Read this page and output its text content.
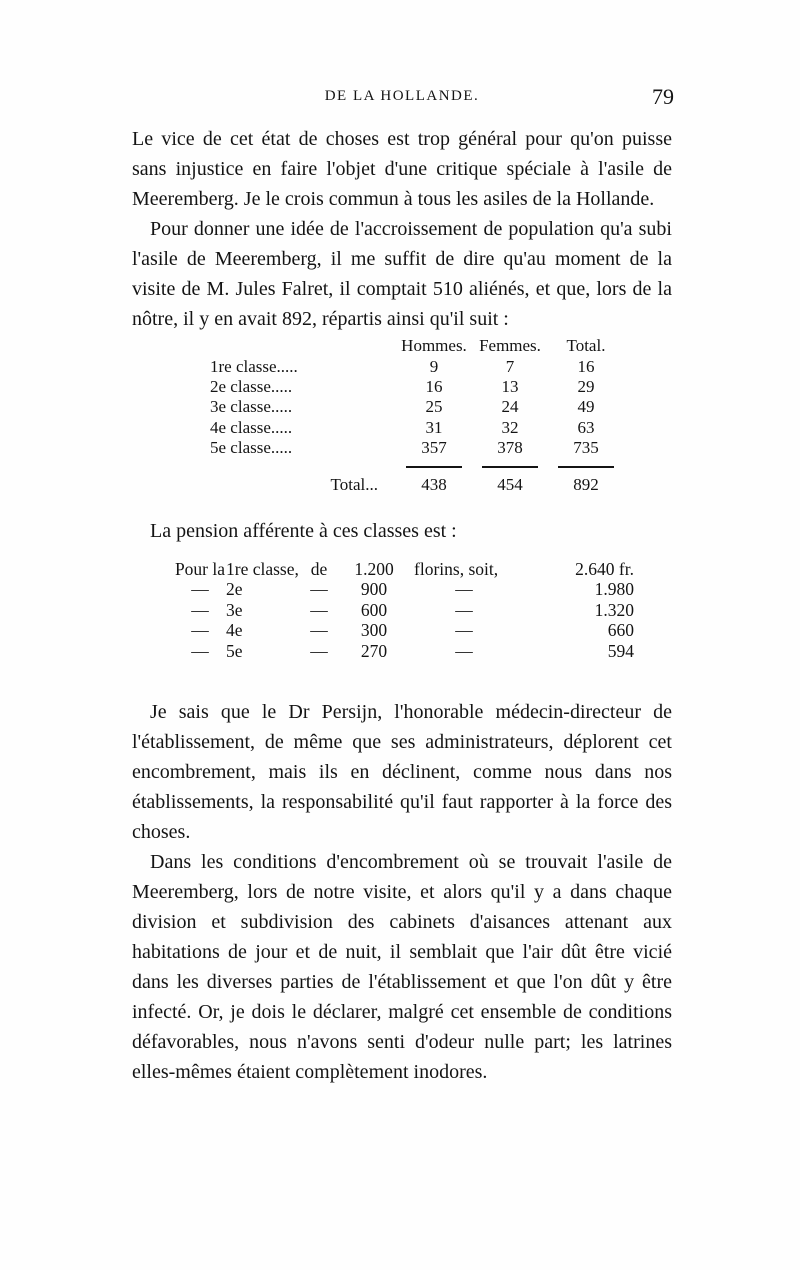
DE LA HOLLANDE.	79

Le vice de cet état de choses est trop général pour qu'on puisse sans injustice en faire l'objet d'une critique spéciale à l'asile de Meeremberg. Je le crois commun à tous les asiles de la Hollande.

Pour donner une idée de l'accroissement de population qu'a subi l'asile de Meeremberg, il me suffit de dire qu'au moment de la visite de M. Jules Falret, il comptait 510 aliénés, et que, lors de la nôtre, il y en avait 892, répartis ainsi qu'il suit :

	Hommes.	Femmes.	Total.
1re classe.....	9	7	16
2e classe.....	16	13	29
3e classe.....	25	24	49
4e classe.....	31	32	63
5e classe.....	357	378	735

Total...	438	454	892
La pension afférente à ces classes est :
Pour la	1re classe,	de	1.200	florins, soit,	2.640 fr.
—	2e	—	900	—	1.980
—	3e	—	600	—	1.320
—	4e	—	300	—	660
—	5e	—	270	—	594

Je sais que le Dr Persijn, l'honorable médecin-directeur de l'établissement, de même que ses administrateurs, déplorent cet encombrement, mais ils en déclinent, comme nous dans nos établissements, la responsabilité qu'il faut rapporter à la force des choses.

Dans les conditions d'encombrement où se trouvait l'asile de Meeremberg, lors de notre visite, et alors qu'il y a dans chaque division et subdivision des cabinets d'aisances attenant aux habitations de jour et de nuit, il semblait que l'air dût être vicié dans les diverses parties de l'établissement et que l'on dût y être infecté. Or, je dois le déclarer, malgré cet ensemble de conditions défavorables, nous n'avons senti d'odeur nulle part; les latrines elles-mêmes étaient complètement inodores.
